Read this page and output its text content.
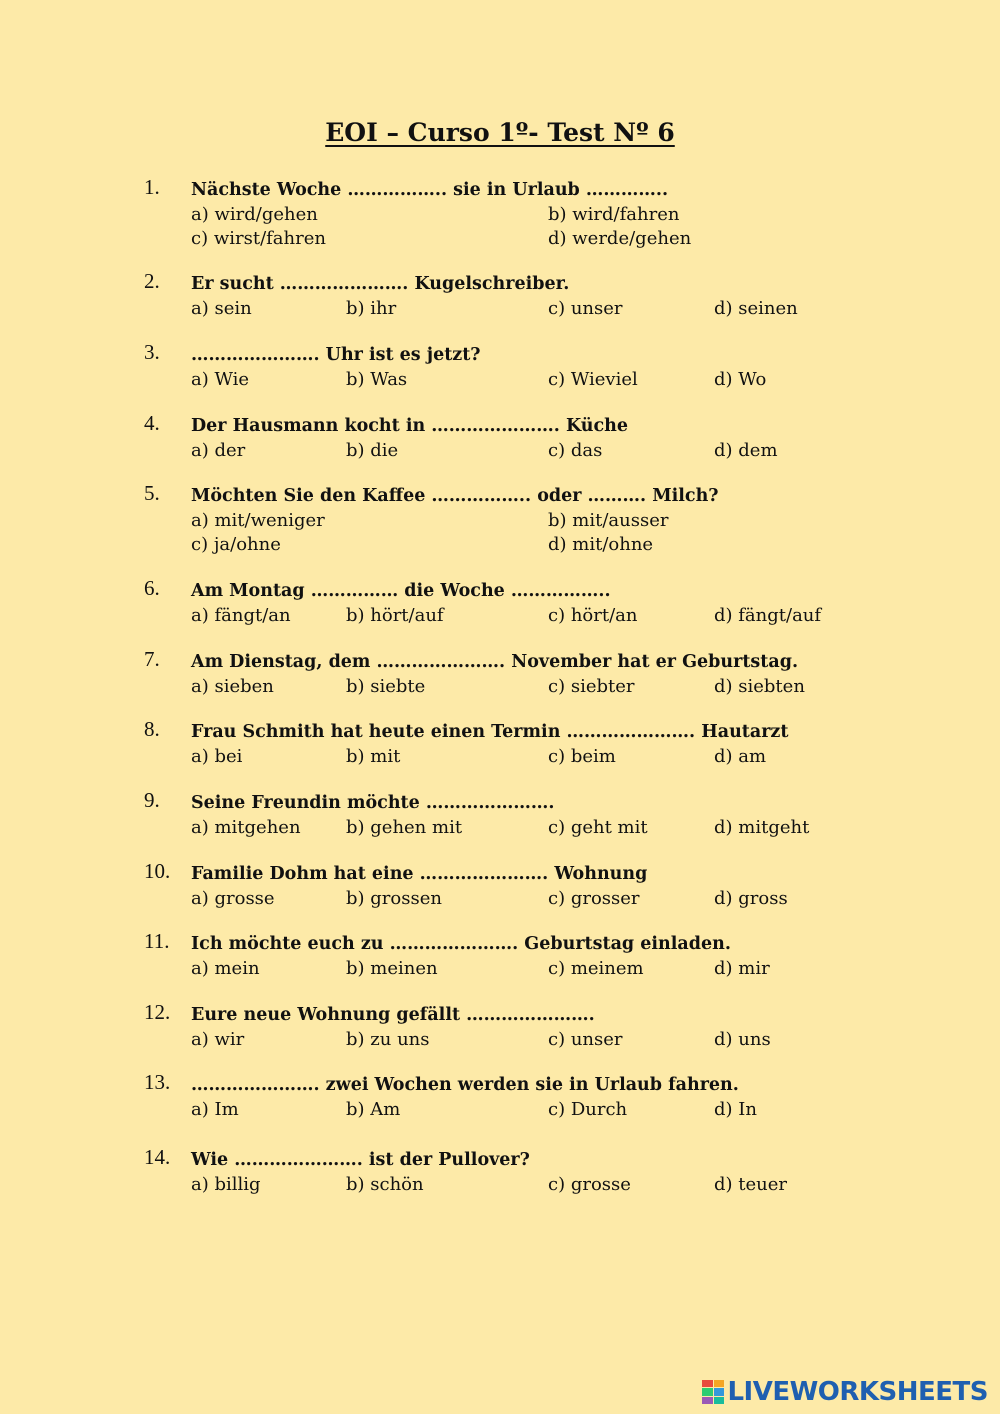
EOI – Curso 1º- Test Nº 6
1. Nächste Woche …………….. sie in Urlaub …………..
a) wird/gehen	b) wird/fahren
c) wirst/fahren	d) werde/gehen
2. Er sucht …………………. Kugelschreiber.
a) sein	b) ihr	c) unser	d) seinen
3. …………………. Uhr ist es jetzt?
a) Wie	b) Was	c) Wieviel	d) Wo
4. Der Hausmann kocht in …………………. Küche
a) der	b) die	c) das	d) dem
5. Möchten Sie den Kaffee …………….. oder ………. Milch?
a) mit/weniger	b) mit/ausser
c) ja/ohne	d) mit/ohne
6. Am Montag …………… die Woche ……………..
a) fängt/an	b) hört/auf	c) hört/an	d) fängt/auf
7. Am Dienstag, dem …………………. November hat er Geburtstag.
a) sieben	b) siebte	c) siebter	d) siebten
8. Frau Schmith hat heute einen Termin …………………. Hautarzt
a) bei	b) mit	c) beim	d) am
9. Seine Freundin möchte ………………….
a) mitgehen	b) gehen mit	c) geht mit	d) mitgeht
10. Familie Dohm hat eine …………………. Wohnung
a) grosse	b) grossen	c) grosser	d) gross
11. Ich möchte euch zu …………………. Geburtstag einladen.
a) mein	b) meinen	c) meinem	d) mir
12. Eure neue Wohnung gefällt ………………….
a) wir	b) zu uns	c) unser	d) uns
13. …………………. zwei Wochen werden sie in Urlaub fahren.
a) Im	b) Am	c) Durch	d) In
14. Wie …………………. ist der Pullover?
a) billig	b) schön	c) grosse	d) teuer
LIVEWORKSHEETS
